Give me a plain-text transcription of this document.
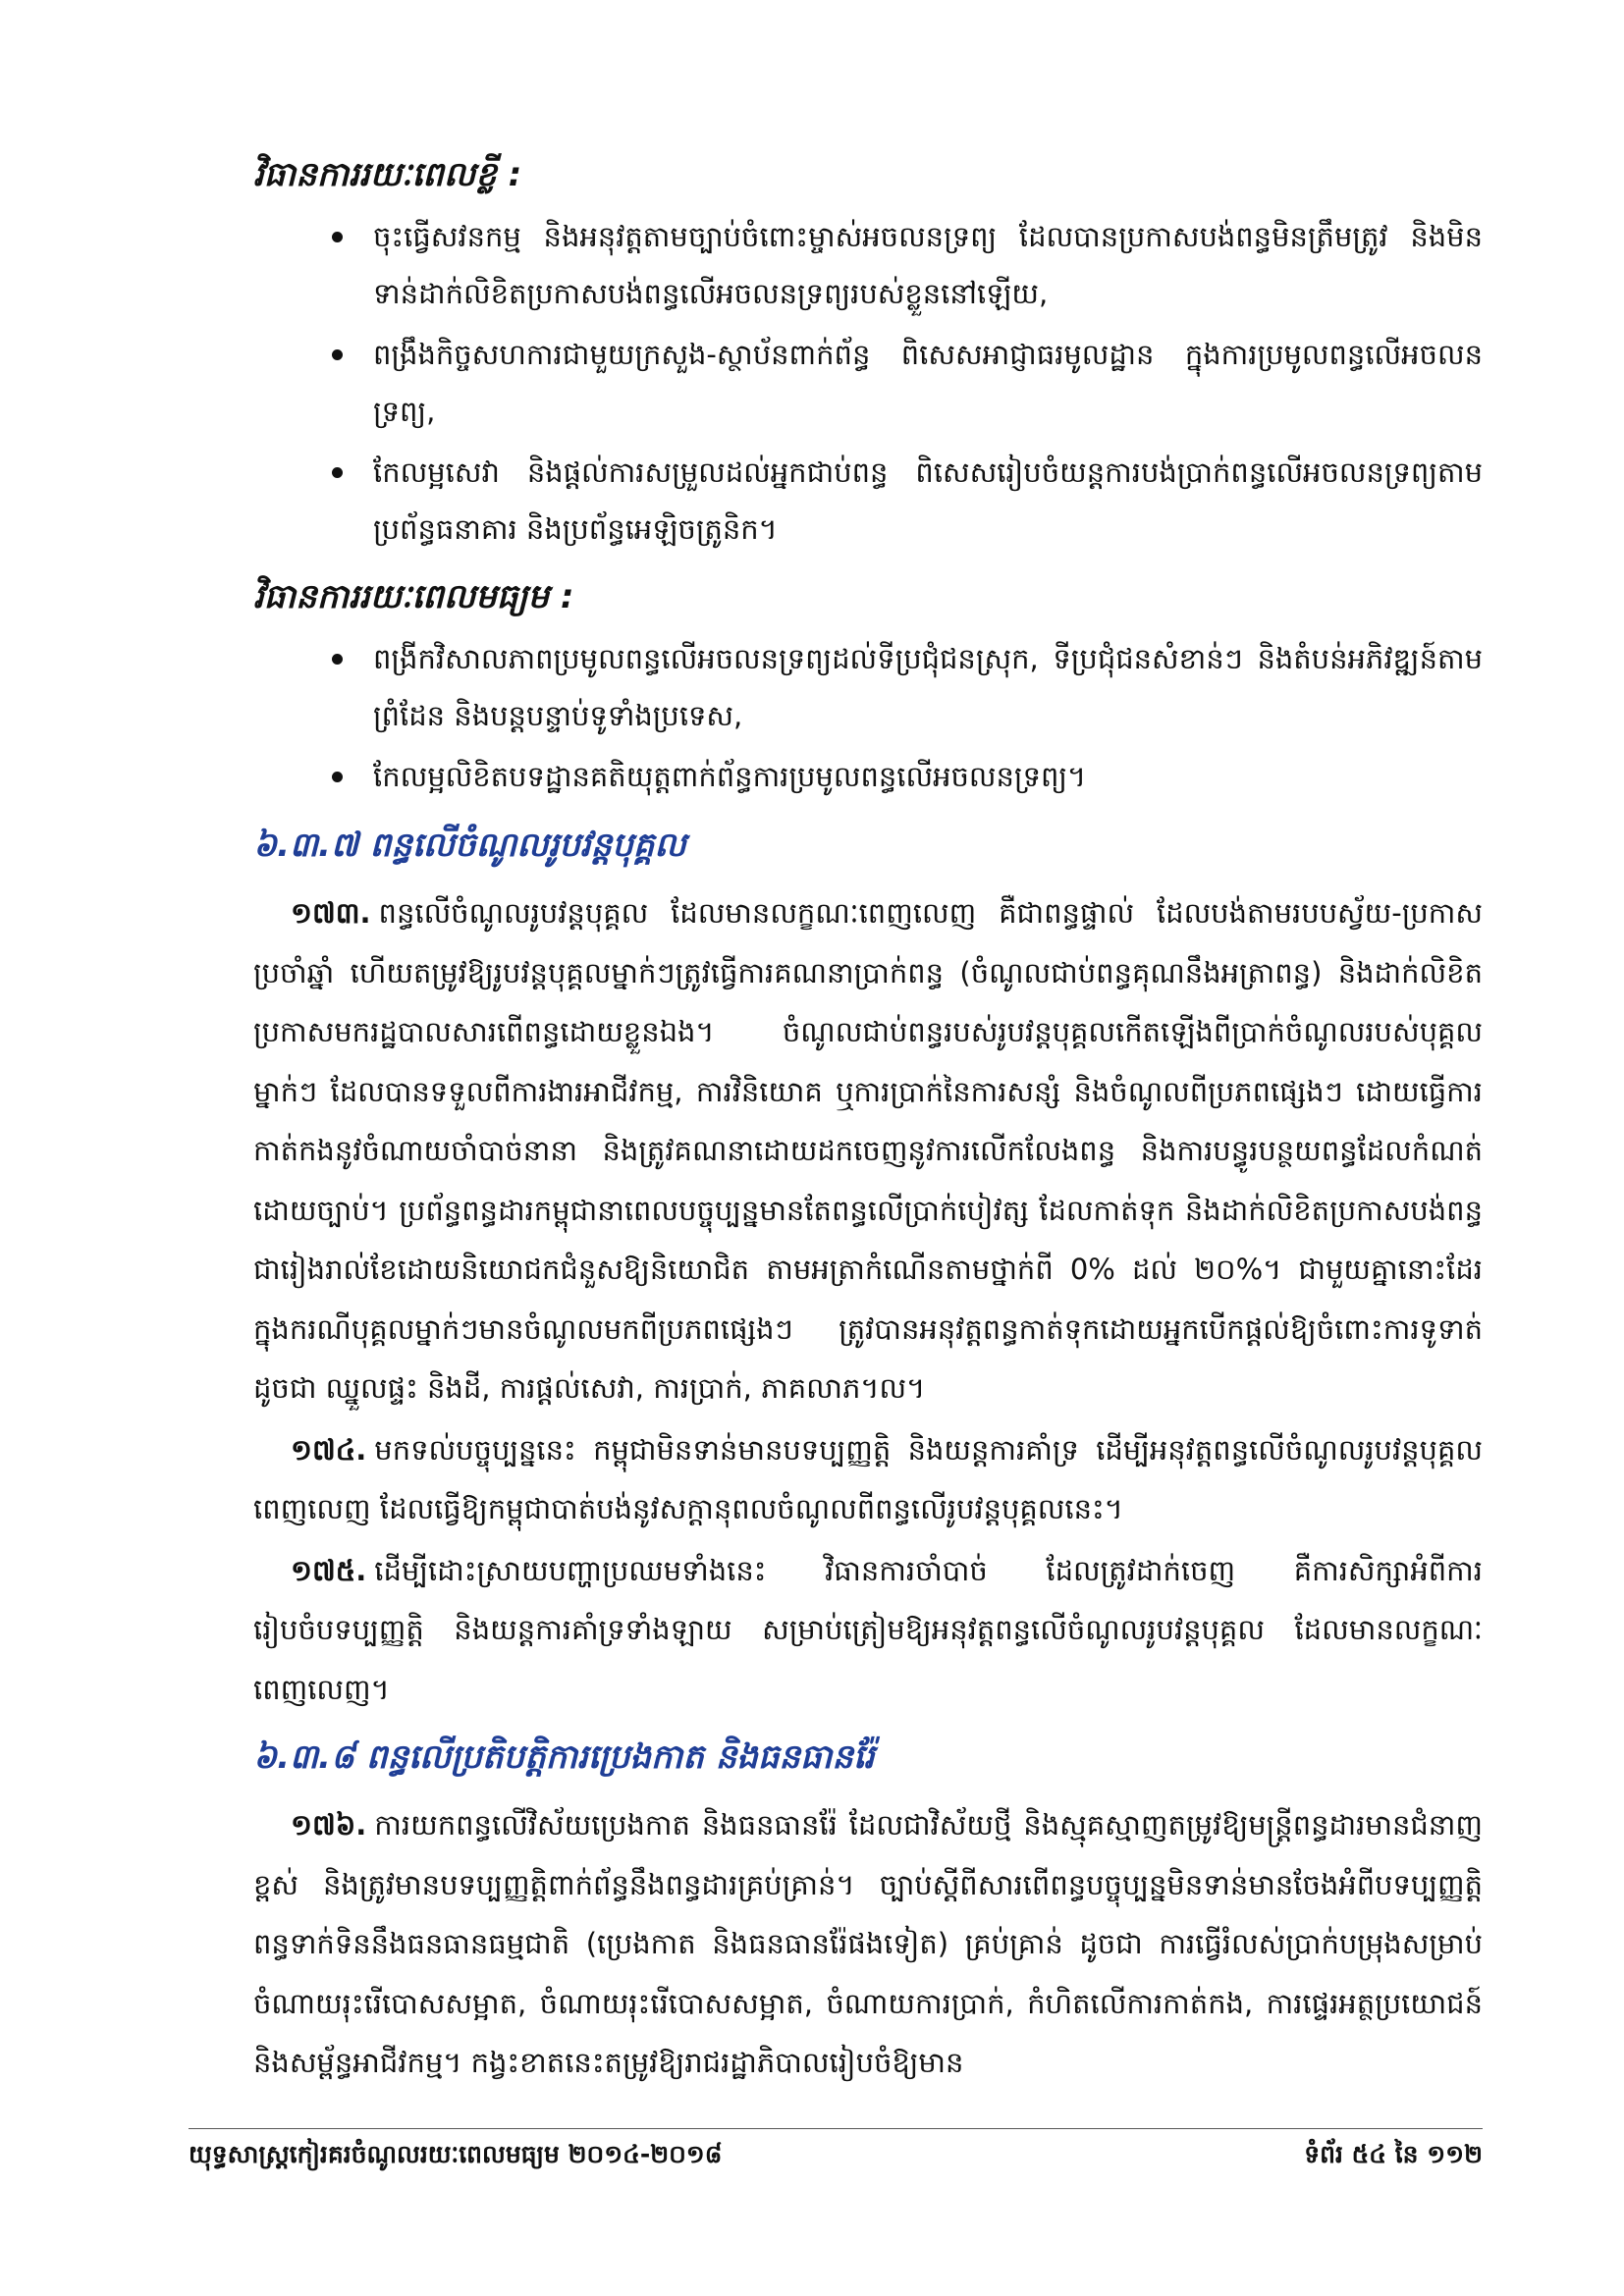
វិធានការរយៈពេលខ្លី :
ចុះធ្វើសវនកម្ម និងអនុវត្តតាមច្បាប់ចំពោះម្ចាស់អចលនទ្រព្យ ដែលបានប្រកាសបង់ពន្ធមិនត្រឹមត្រូវ និងមិនទាន់ដាក់លិខិតប្រកាសបង់ពន្ធលើអចលនទ្រព្យរបស់ខ្លួននៅឡើយ,
ពង្រឹងកិច្ចសហការជាមួយក្រសួង-ស្ថាប័នពាក់ព័ន្ធ ពិសេសអាជ្ញាធរមូលដ្ឋាន ក្នុងការប្រមូលពន្ធលើអចលនទ្រព្យ,
កែលម្អសេវា និងផ្តល់ការសម្រួលដល់អ្នកជាប់ពន្ធ ពិសេសរៀបចំយន្តការបង់ប្រាក់ពន្ធលើអចលនទ្រព្យតាមប្រព័ន្ធធនាគារ និងប្រព័ន្ធអេឡិចត្រូនិក។
វិធានការរយៈពេលមធ្យម :
ពង្រីកវិសាលភាពប្រមូលពន្ធលើអចលនទ្រព្យដល់ទីប្រជុំជនស្រុក, ទីប្រជុំជនសំខាន់ៗ និងតំបន់អភិវឌ្ឍន៍តាមព្រំដែន និងបន្តបន្ទាប់ទូទាំងប្រទេស,
កែលម្អលិខិតបទដ្ឋានគតិយុត្តពាក់ព័ន្ធការប្រមូលពន្ធលើអចលនទ្រព្យ។
៦.៣.៧ ពន្ធលើចំណូលរូបវន្តបុគ្គល

១៧៣. ពន្ធលើចំណូលរូបវន្តបុគ្គល ដែលមានលក្ខណៈពេញលេញ គឺជាពន្ធផ្ទាល់ ដែលបង់តាមរបបស្វ័យ-ប្រកាសប្រចាំឆ្នាំ ហើយតម្រូវឱ្យរូបវន្តបុគ្គលម្នាក់ៗត្រូវធ្វើការគណនាប្រាក់ពន្ធ (ចំណូលជាប់ពន្ធគុណនឹងអត្រាពន្ធ) និងដាក់លិខិតប្រកាសមករដ្ឋបាលសារពើពន្ធដោយខ្លួនឯង។ ចំណូលជាប់ពន្ធរបស់រូបវន្តបុគ្គលកើតឡើងពីប្រាក់ចំណូលរបស់បុគ្គលម្នាក់ៗ ដែលបានទទួលពីការងារអាជីវកម្ម, ការវិនិយោគ ឬការប្រាក់នៃការសន្សំ និងចំណូលពីប្រភពផ្សេងៗ ដោយធ្វើការកាត់កងនូវចំណាយចាំបាច់នានា និងត្រូវគណនាដោយដកចេញនូវការលើកលែងពន្ធ និងការបន្ធូរបន្ថយពន្ធដែលកំណត់ដោយច្បាប់។ ប្រព័ន្ធពន្ធដារកម្ពុជានាពេលបច្ចុប្បន្នមានតែពន្ធលើប្រាក់បៀវត្ស ដែលកាត់ទុក និងដាក់លិខិតប្រកាសបង់ពន្ធជារៀងរាល់ខែដោយនិយោជកជំនួសឱ្យនិយោជិត តាមអត្រាកំណើនតាមថ្នាក់ពី 0% ដល់ ២០%។ ជាមួយគ្នានោះដែរ ក្នុងករណីបុគ្គលម្នាក់ៗមានចំណូលមកពីប្រភពផ្សេងៗ ត្រូវបានអនុវត្តពន្ធកាត់ទុកដោយអ្នកបើកផ្តល់ឱ្យចំពោះការទូទាត់ ដូចជា ឈ្នួលផ្ទះ និងដី, ការផ្តល់សេវា, ការប្រាក់, ភាគលាភ។ល។

១៧៤. មកទល់បច្ចុប្បន្ននេះ កម្ពុជាមិនទាន់មានបទប្បញ្ញត្តិ និងយន្តការគាំទ្រ ដើម្បីអនុវត្តពន្ធលើចំណូលរូបវន្តបុគ្គលពេញលេញ ដែលធ្វើឱ្យកម្ពុជាបាត់បង់នូវសក្តានុពលចំណូលពីពន្ធលើរូបវន្តបុគ្គលនេះ។

១៧៥. ដើម្បីដោះស្រាយបញ្ហាប្រឈមទាំងនេះ វិធានការចាំបាច់ ដែលត្រូវដាក់ចេញ គឺការសិក្សាអំពីការរៀបចំបទប្បញ្ញត្តិ និងយន្តការគាំទ្រទាំងឡាយ សម្រាប់ត្រៀមឱ្យអនុវត្តពន្ធលើចំណូលរូបវន្តបុគ្គល ដែលមានលក្ខណៈពេញលេញ។

៦.៣.៨ ពន្ធលើប្រតិបត្តិការប្រេងកាត និងធនធានរ៉ែ

១៧៦. ការយកពន្ធលើវិស័យប្រេងកាត និងធនធានរ៉ែ ដែលជាវិស័យថ្មី និងស្មុគស្មាញតម្រូវឱ្យមន្ត្រីពន្ធដារមានជំនាញខ្ពស់ និងត្រូវមានបទប្បញ្ញត្តិពាក់ព័ន្ធនឹងពន្ធដារគ្រប់គ្រាន់។ ច្បាប់ស្តីពីសារពើពន្ធបច្ចុប្បន្នមិនទាន់មានចែងអំពីបទប្បញ្ញត្តិពន្ធទាក់ទិននឹងធនធានធម្មជាតិ (ប្រេងកាត និងធនធានរ៉ែផងទៀត) គ្រប់គ្រាន់ ដូចជា ការធ្វើរំលស់ប្រាក់បម្រុងសម្រាប់ចំណាយរុះរើបោសសម្អាត, ចំណាយរុះរើបោសសម្អាត, ចំណាយការប្រាក់, កំហិតលើការកាត់កង, ការផ្ទេរអត្ថប្រយោជន៍ និងសម្ព័ន្ធអាជីវកម្ម។ កង្វះខាតនេះតម្រូវឱ្យរាជរដ្ឋាភិបាលរៀបចំឱ្យមាន

យុទ្ធសាស្ត្រកៀរគរចំណូលរយៈពេលមធ្យម ២០១៤-២០១៨	ទំព័រ ៥៤ នៃ ១១២
